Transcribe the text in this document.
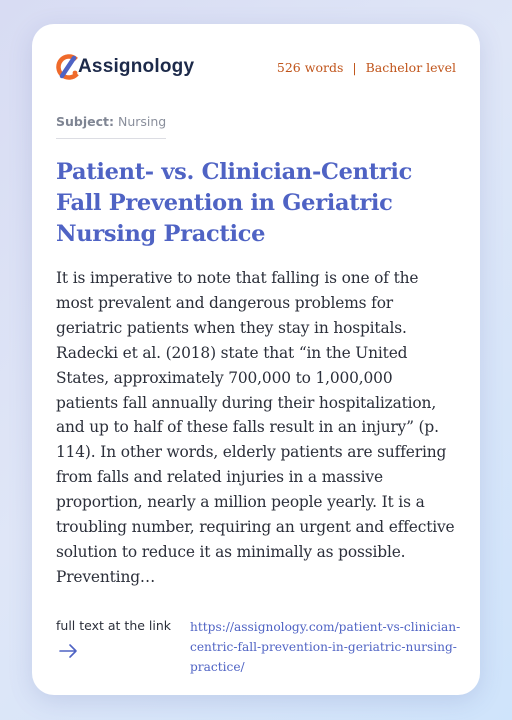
Assignology	526 words | Bachelor level
Subject: Nursing
Patient- vs. Clinician-Centric Fall Prevention in Geriatric Nursing Practice

It is imperative to note that falling is one of the most prevalent and dangerous problems for geriatric patients when they stay in hospitals. Radecki et al. (2018) state that “in the United States, approximately 700,000 to 1,000,000 patients fall annually during their hospitalization, and up to half of these falls result in an injury” (p. 114). In other words, elderly patients are suffering from falls and related injuries in a massive proportion, nearly a million people yearly. It is a troubling number, requiring an urgent and effective solution to reduce it as minimally as possible. Preventing…

full text at the link https://assignology.com/patient-vs-clinician-centric-fall-prevention-in-geriatric-nursing-practice/
